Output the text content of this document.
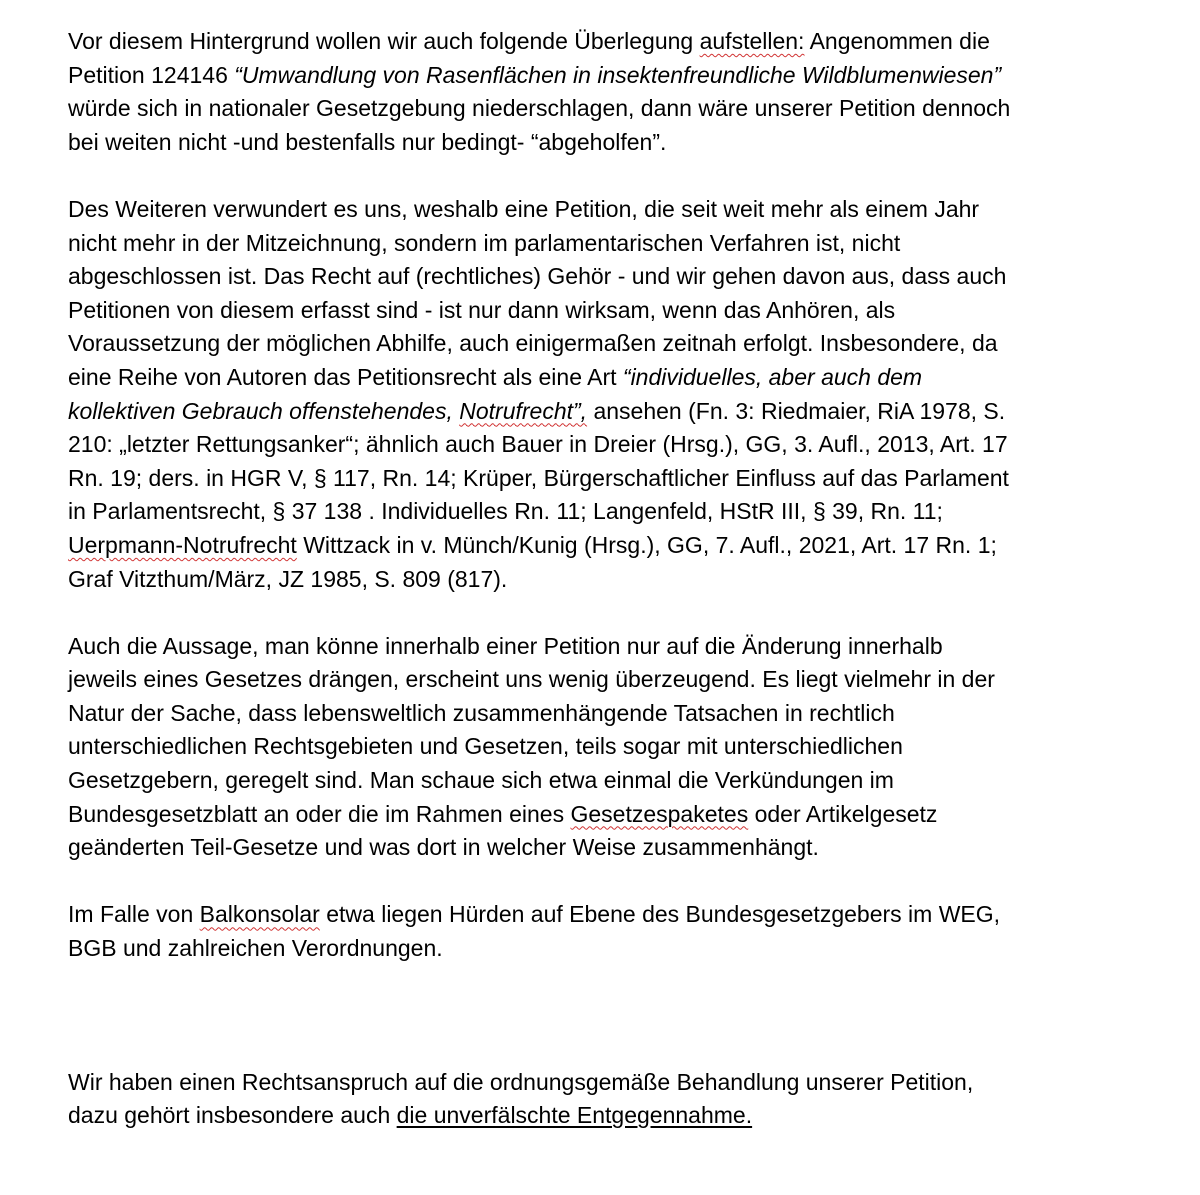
Vor diesem Hintergrund wollen wir auch folgende Überlegung aufstellen: Angenommen die
Petition 124146 “Umwandlung von Rasenflächen in insektenfreundliche Wildblumenwiesen”
würde sich in nationaler Gesetzgebung niederschlagen, dann wäre unserer Petition dennoch
bei weiten nicht -und bestenfalls nur bedingt- “abgeholfen”.

Des Weiteren verwundert es uns, weshalb eine Petition, die seit weit mehr als einem Jahr
nicht mehr in der Mitzeichnung, sondern im parlamentarischen Verfahren ist, nicht
abgeschlossen ist. Das Recht auf (rechtliches) Gehör - und wir gehen davon aus, dass auch
Petitionen von diesem erfasst sind - ist nur dann wirksam, wenn das Anhören, als
Voraussetzung der möglichen Abhilfe, auch einigermaßen zeitnah erfolgt. Insbesondere, da
eine Reihe von Autoren das Petitionsrecht als eine Art “individuelles, aber auch dem
kollektiven Gebrauch offenstehendes, Notrufrecht”, ansehen (Fn. 3: Riedmaier, RiA 1978, S.
210: „letzter Rettungsanker“; ähnlich auch Bauer in Dreier (Hrsg.), GG, 3. Aufl., 2013, Art. 17
Rn. 19; ders. in HGR V, § 117, Rn. 14; Krüper, Bürgerschaftlicher Einfluss auf das Parlament
in Parlamentsrecht, § 37 138 . Individuelles Rn. 11; Langenfeld, HStR III, § 39, Rn. 11;
Uerpmann-Notrufrecht Wittzack in v. Münch/Kunig (Hrsg.), GG, 7. Aufl., 2021, Art. 17 Rn. 1;
Graf Vitzthum/März, JZ 1985, S. 809 (817).

Auch die Aussage, man könne innerhalb einer Petition nur auf die Änderung innerhalb
jeweils eines Gesetzes drängen, erscheint uns wenig überzeugend. Es liegt vielmehr in der
Natur der Sache, dass lebensweltlich zusammenhängende Tatsachen in rechtlich
unterschiedlichen Rechtsgebieten und Gesetzen, teils sogar mit unterschiedlichen
Gesetzgebern, geregelt sind. Man schaue sich etwa einmal die Verkündungen im
Bundesgesetzblatt an oder die im Rahmen eines Gesetzespaketes oder Artikelgesetz
geänderten Teil-Gesetze und was dort in welcher Weise zusammenhängt.

Im Falle von Balkonsolar etwa liegen Hürden auf Ebene des Bundesgesetzgebers im WEG,
BGB und zahlreichen Verordnungen.

Wir haben einen Rechtsanspruch auf die ordnungsgemäße Behandlung unserer Petition,
dazu gehört insbesondere auch die unverfälschte Entgegennahme.
